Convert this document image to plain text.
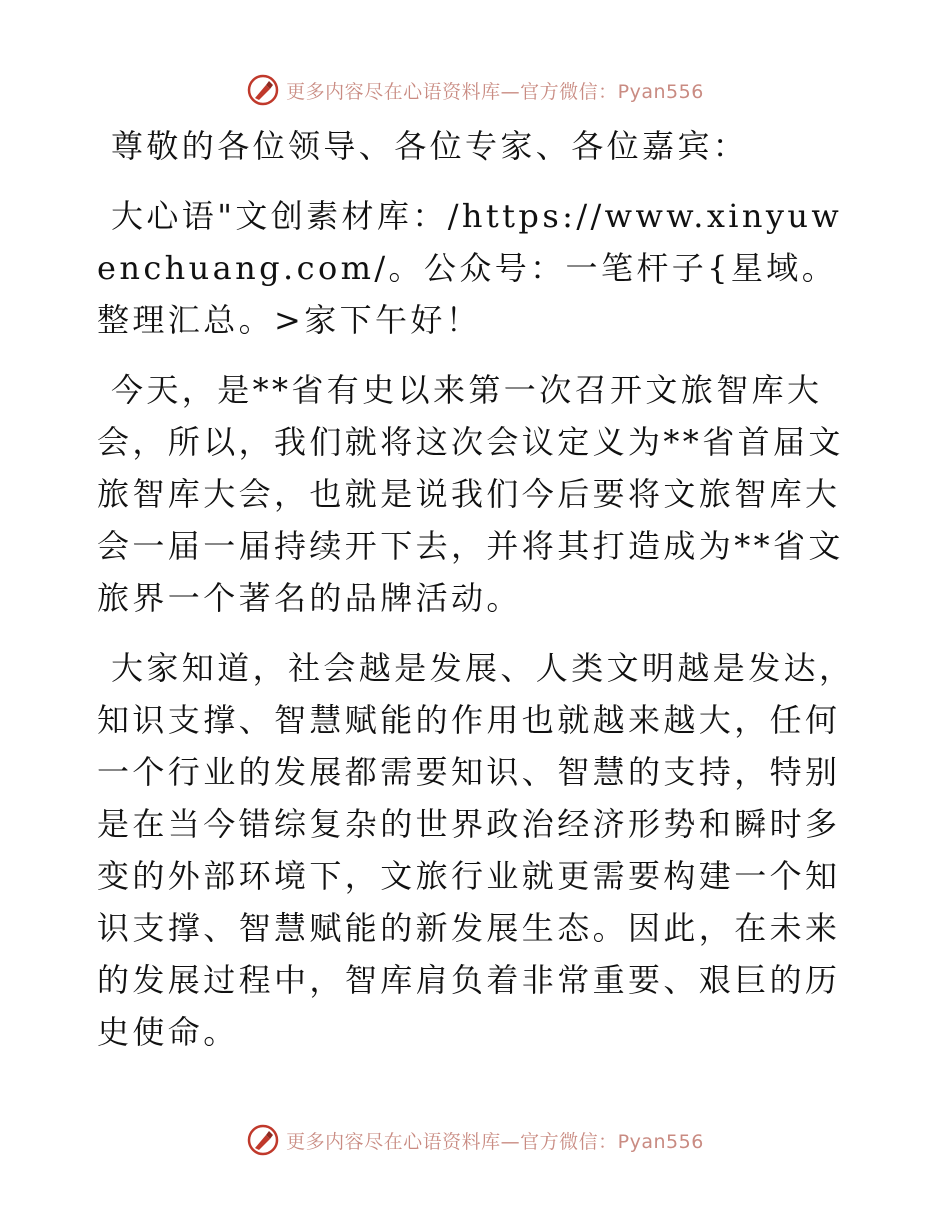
更多内容尽在心语资料库—官方微信：Pyan556

尊敬的各位领导、各位专家、各位嘉宾：

大心语"文创素材库：/https://www.xinyuwenchuang.com/。公众号：一笔杆子{星域。整理汇总。>家下午好！

今天，是**省有史以来第一次召开文旅智库大会，所以，我们就将这次会议定义为**省首届文旅智库大会，也就是说我们今后要将文旅智库大会一届一届持续开下去，并将其打造成为**省文旅界一个著名的品牌活动。

大家知道，社会越是发展、人类文明越是发达，知识支撑、智慧赋能的作用也就越来越大，任何一个行业的发展都需要知识、智慧的支持，特别是在当今错综复杂的世界政治经济形势和瞬时多变的外部环境下，文旅行业就更需要构建一个知识支撑、智慧赋能的新发展生态。因此，在未来的发展过程中，智库肩负着非常重要、艰巨的历史使命。

更多内容尽在心语资料库—官方微信：Pyan556
